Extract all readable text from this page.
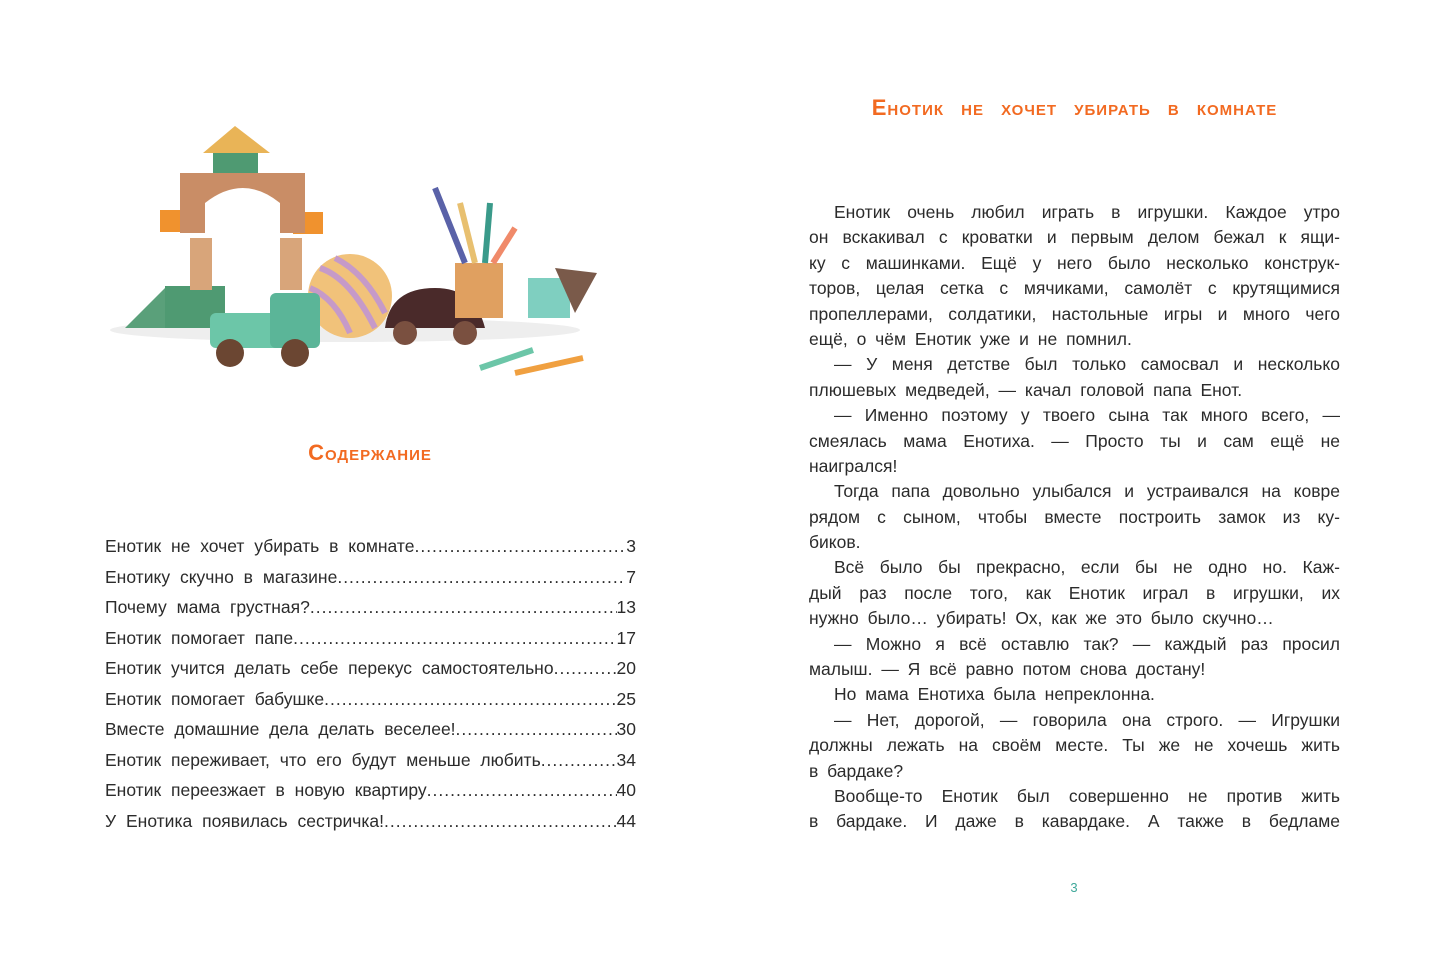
Содержание
Енотик не хочет убирать в комнате .....	3
Енотику скучно в магазине .....	7
Почему мама грустная? .....	13
Енотик помогает папе .....	17
Енотик учится делать себе перекус самостоятельно .....	20
Енотик помогает бабушке .....	25
Вместе домашние дела делать веселее! .....	30
Енотик переживает, что его будут меньше любить .....	34
Енотик переезжает в новую квартиру .....	40
У Енотика появилась сестричка! .....	44
Енотик не хочет убирать в комнате
Енотик очень любил играть в игрушки. Каждое утро
он вскакивал с кроватки и первым делом бежал к ящи-
ку с машинками. Ещё у него было несколько конструк-
торов, целая сетка с мячиками, самолёт с крутящимися
пропеллерами, солдатики, настольные игры и много чего
ещё, о чём Енотик уже и не помнил.
— У меня детстве был только самосвал и несколько
плюшевых медведей, — качал головой папа Енот.
— Именно поэтому у твоего сына так много всего, —
смеялась мама Енотиха. — Просто ты и сам ещё не
наигрался!
Тогда папа довольно улыбался и устраивался на ковре
рядом с сыном, чтобы вместе построить замок из ку-
биков.
Всё было бы прекрасно, если бы не одно но. Каж-
дый раз после того, как Енотик играл в игрушки, их
нужно было… убирать! Ох, как же это было скучно…
— Можно я всё оставлю так? — каждый раз просил
малыш. — Я всё равно потом снова достану!
Но мама Енотиха была непреклонна.
— Нет, дорогой, — говорила она строго. — Игрушки
должны лежать на своём месте. Ты же не хочешь жить
в бардаке?
Вообще-то Енотик был совершенно не против жить
в бардаке. И даже в кавардаке. А также в бедламе
3
